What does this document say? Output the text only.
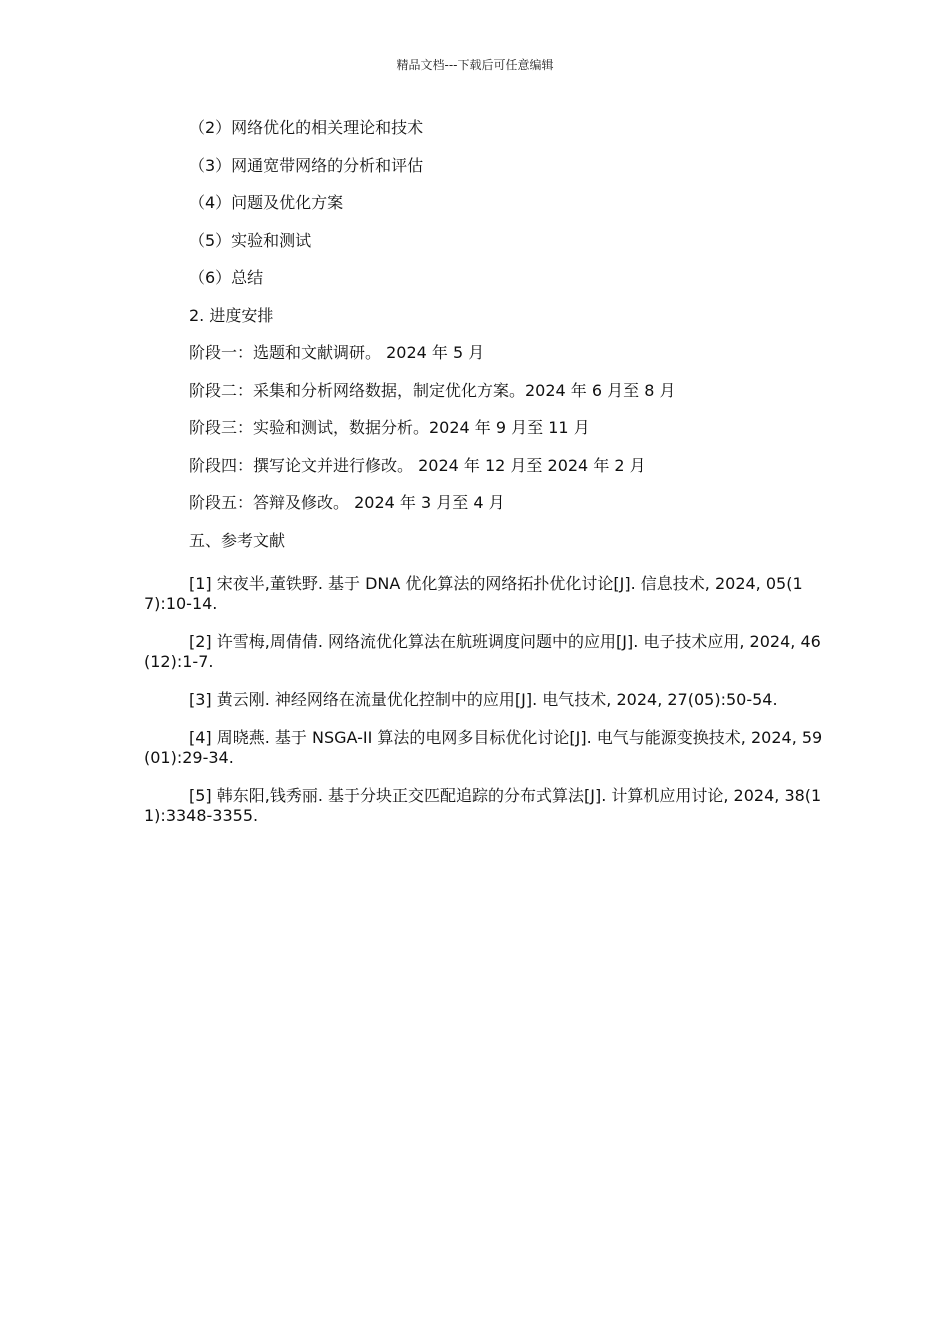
精品文档---下载后可任意编辑
（2）网络优化的相关理论和技术
（3）网通宽带网络的分析和评估
（4）问题及优化方案
（5）实验和测试
（6）总结
2. 进度安排
阶段一：选题和文献调研。 2024 年 5 月
阶段二：采集和分析网络数据，制定优化方案。2024 年 6 月至 8 月
阶段三：实验和测试，数据分析。2024 年 9 月至 11 月
阶段四：撰写论文并进行修改。 2024 年 12 月至 2024 年 2 月
阶段五：答辩及修改。 2024 年 3 月至 4 月
五、参考文献
[1] 宋夜半,董铁野. 基于 DNA 优化算法的网络拓扑优化讨论[J]. 信息技术, 2024, 05(17):10-14.
[2] 许雪梅,周倩倩. 网络流优化算法在航班调度问题中的应用[J]. 电子技术应用, 2024, 46(12):1-7.
[3] 黄云刚. 神经网络在流量优化控制中的应用[J]. 电气技术, 2024, 27(05):50-54.
[4] 周晓燕. 基于 NSGA-II 算法的电网多目标优化讨论[J]. 电气与能源变换技术, 2024, 59(01):29-34.
[5] 韩东阳,钱秀丽. 基于分块正交匹配追踪的分布式算法[J]. 计算机应用讨论, 2024, 38(11):3348-3355.
